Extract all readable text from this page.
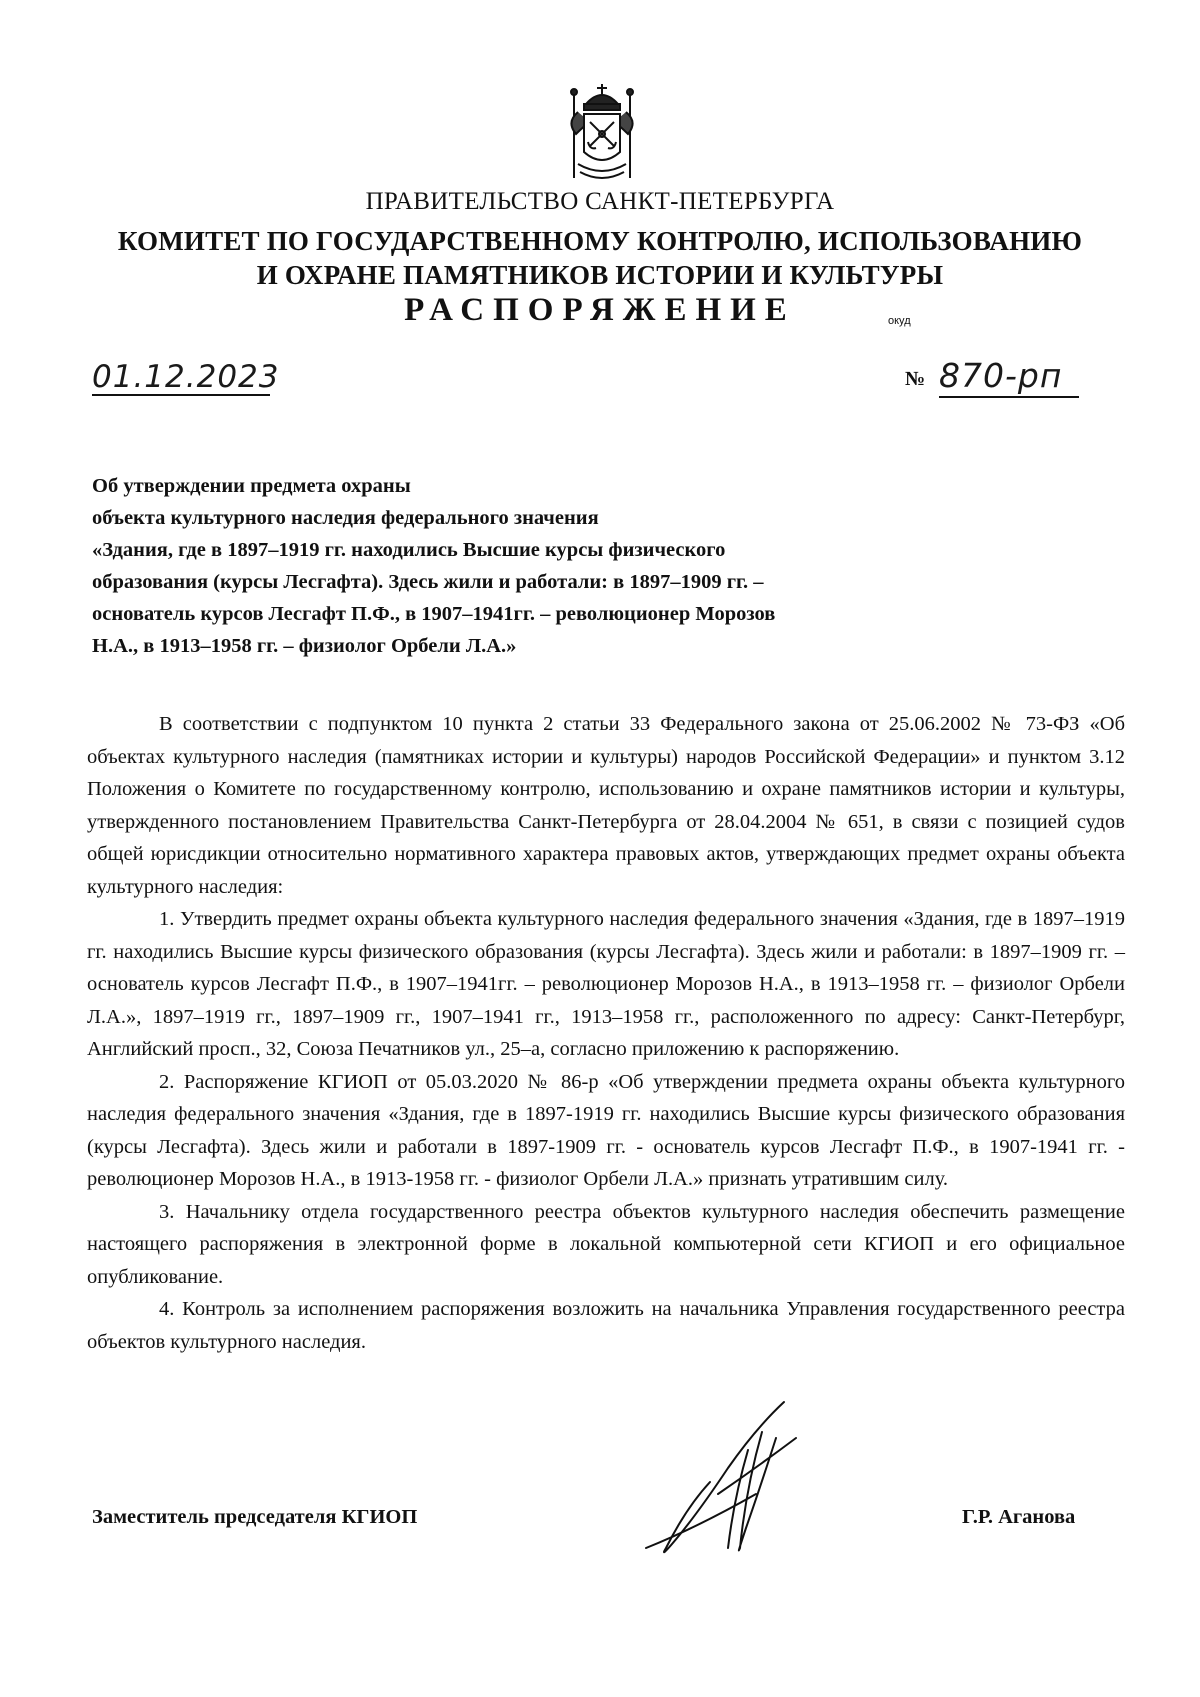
ПРАВИТЕЛЬСТВО САНКТ-ПЕТЕРБУРГА
КОМИТЕТ ПО ГОСУДАРСТВЕННОМУ КОНТРОЛЮ, ИСПОЛЬЗОВАНИЮ
И ОХРАНЕ ПАМЯТНИКОВ ИСТОРИИ И КУЛЬТУРЫ
РАСПОРЯЖЕНИЕ	окуд
01.12.2023	№ 870-рп
Об утверждении предмета охраны
объекта культурного наследия федерального значения
«Здания, где в 1897–1919 гг. находились Высшие курсы физического
образования (курсы Лесгафта). Здесь жили и работали: в 1897–1909 гг. –
основатель курсов Лесгафт П.Ф., в 1907–1941гг. – революционер Морозов
Н.А., в 1913–1958 гг. – физиолог Орбели Л.А.»

В соответствии с подпунктом 10 пункта 2 статьи 33 Федерального закона от 25.06.2002 № 73-ФЗ «Об объектах культурного наследия (памятниках истории и культуры) народов Российской Федерации» и пунктом 3.12 Положения о Комитете по государственному контролю, использованию и охране памятников истории и культуры, утвержденного постановлением Правительства Санкт-Петербурга от 28.04.2004 № 651, в связи с позицией судов общей юрисдикции относительно нормативного характера правовых актов, утверждающих предмет охраны объекта культурного наследия:

1. Утвердить предмет охраны объекта культурного наследия федерального значения «Здания, где в 1897–1919 гг. находились Высшие курсы физического образования (курсы Лесгафта). Здесь жили и работали: в 1897–1909 гг. – основатель курсов Лесгафт П.Ф., в 1907–1941гг. – революционер Морозов Н.А., в 1913–1958 гг. – физиолог Орбели Л.А.», 1897–1919 гг., 1897–1909 гг., 1907–1941 гг., 1913–1958 гг., расположенного по адресу: Санкт-Петербург, Английский просп., 32, Союза Печатников ул., 25–а, согласно приложению к распоряжению.

2. Распоряжение КГИОП от 05.03.2020 № 86-р «Об утверждении предмета охраны объекта культурного наследия федерального значения «Здания, где в 1897-1919 гг. находились Высшие курсы физического образования (курсы Лесгафта). Здесь жили и работали в 1897-1909 гг. - основатель курсов Лесгафт П.Ф., в 1907-1941 гг. - революционер Морозов Н.А., в 1913-1958 гг. - физиолог Орбели Л.А.» признать утратившим силу.

3. Начальнику отдела государственного реестра объектов культурного наследия обеспечить размещение настоящего распоряжения в электронной форме в локальной компьютерной сети КГИОП и его официальное опубликование.

4. Контроль за исполнением распоряжения возложить на начальника Управления государственного реестра объектов культурного наследия.

Заместитель председателя КГИОП	Г.Р. Аганова
